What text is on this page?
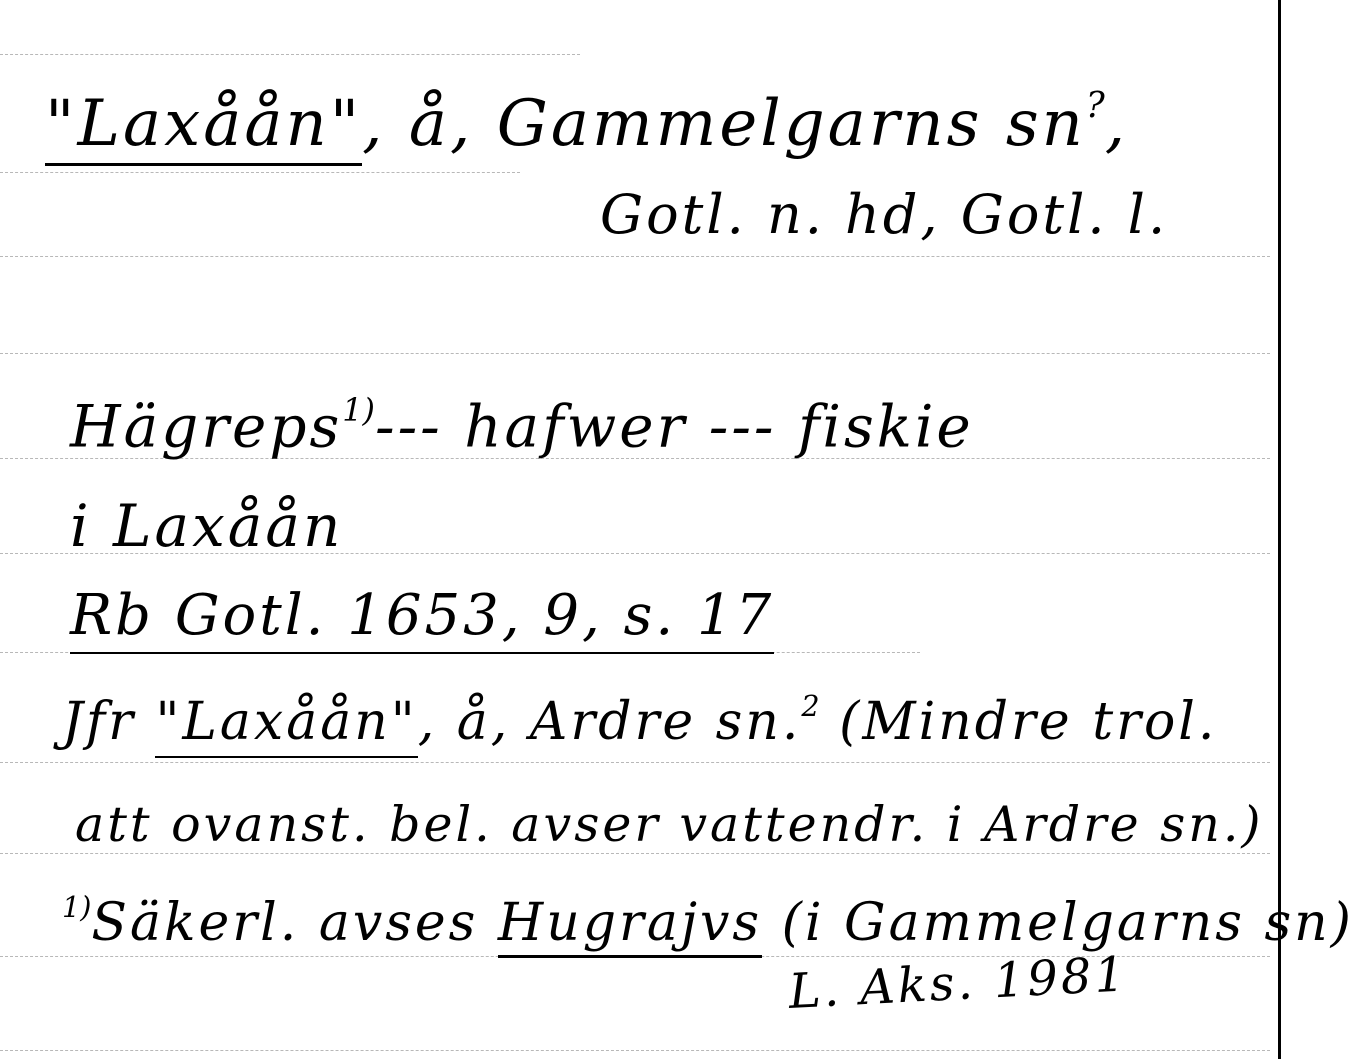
"Laxåån", å, Gammelgarns sn?,
Gotl. n. hd, Gotl. l.
Hägreps$^{1)}$--- hafwer --- fiskie
i Laxåån
Rb Gotl. 1653, 9, s. 17
Jfr "Laxåån", å, Ardre sn.$^2$ (Mindre trol.
att ovanst. bel. avser vattendr. i Ardre sn.)
$^{1)}$Säkerl. avses Hugrajvs (i Gammelgarns sn)
L. Aks. 1981
